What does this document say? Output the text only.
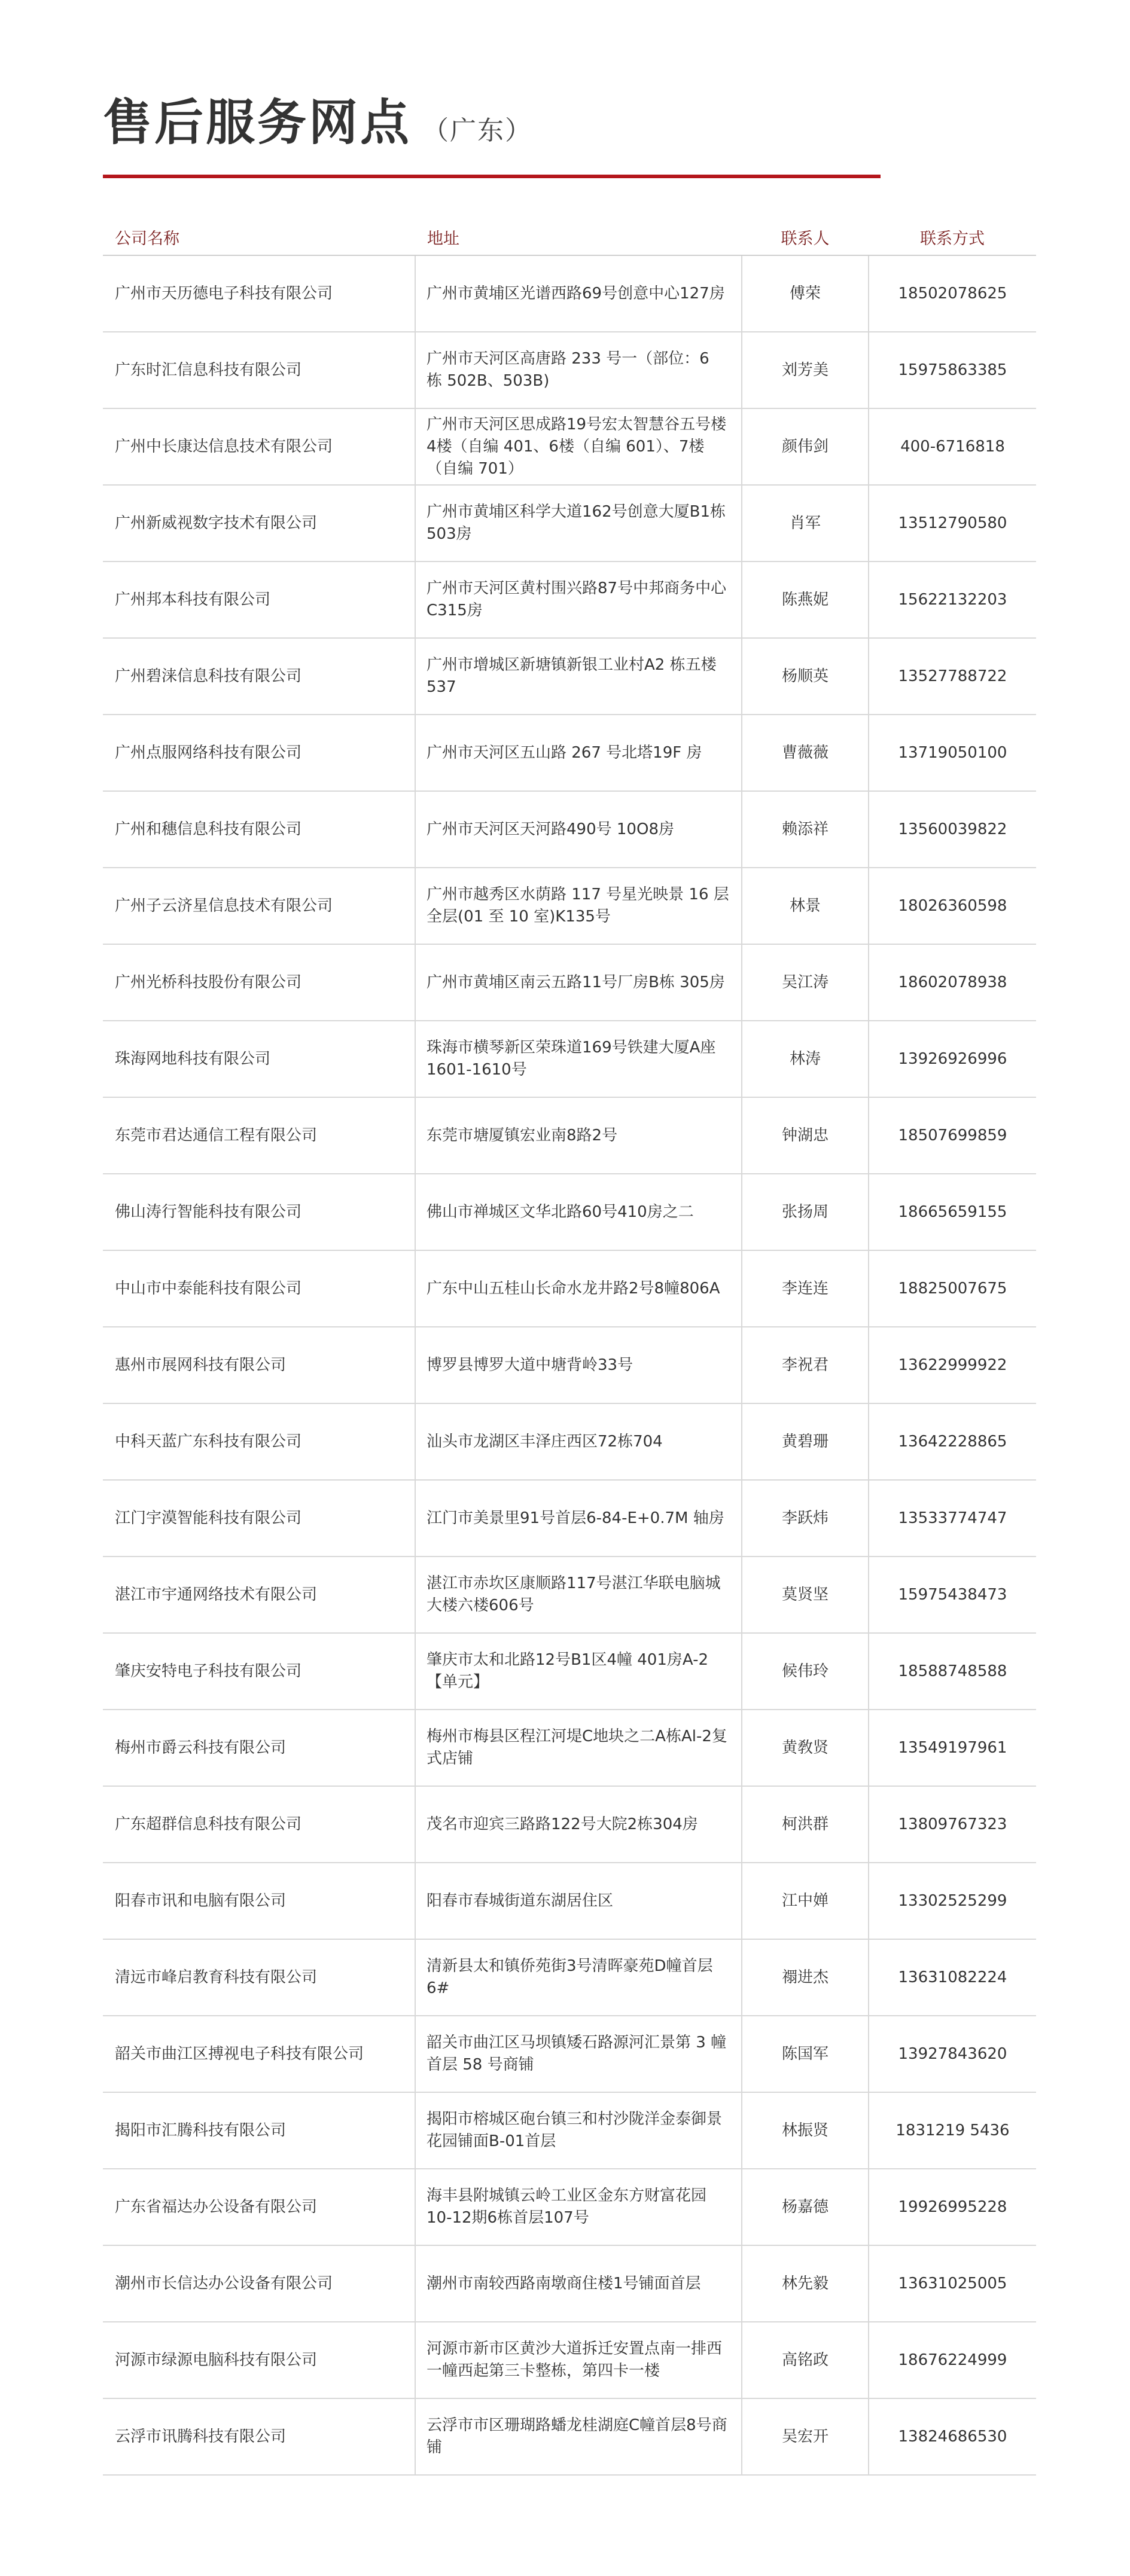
售后服务网点 （广东）
公司名称	地址	联系人	联系方式
广州市天历德电子科技有限公司	广州市黄埔区光谱西路69号创意中心127房	傅荣	18502078625
广东时汇信息科技有限公司	广州市天河区高唐路 233 号一（部位：6 栋 502B、503B)	刘芳美	15975863385
广州中长康达信息技术有限公司	广州市天河区思成路19号宏太智慧谷五号楼4楼（自编 401、6楼（自编 601）、7楼（自编 701）	颜伟剑	400-6716818
广州新威视数字技术有限公司	广州市黄埔区科学大道162号创意大厦B1栋503房	肖军	13512790580
广州邦本科技有限公司	广州市天河区黄村围兴路87号中邦商务中心C315房	陈燕妮	15622132203
广州碧涞信息科技有限公司	广州市增城区新塘镇新银工业村A2 栋五楼537	杨顺英	13527788722
广州点服网络科技有限公司	广州市天河区五山路 267 号北塔19F 房	曹薇薇	13719050100
广州和穗信息科技有限公司	广州市天河区天河路490号 10O8房	赖添祥	13560039822
广州子云济星信息技术有限公司	广州市越秀区水荫路 117 号星光映景 16 层全层(01 至 10 室)K135号	林景	18026360598
广州光桥科技股份有限公司	广州市黄埔区南云五路11号厂房B栋 305房	吴江涛	18602078938
珠海网地科技有限公司	珠海市横琴新区荣珠道169号铁建大厦A座1601-1610号	林涛	13926926996
东莞市君达通信工程有限公司	东莞市塘厦镇宏业南8路2号	钟湖忠	18507699859
佛山涛行智能科技有限公司	佛山市禅城区文华北路60号410房之二	张扬周	18665659155
中山市中泰能科技有限公司	广东中山五桂山长命水龙井路2号8幢806A	李连连	18825007675
惠州市展网科技有限公司	博罗县博罗大道中塘背岭33号	李祝君	13622999922
中科天蓝广东科技有限公司	汕头市龙湖区丰泽庄西区72栋704	黄碧珊	13642228865
江门宇漠智能科技有限公司	江门市美景里91号首层6-84-E+0.7M 轴房	李跃炜	13533774747
湛江市宇通网络技术有限公司	湛江市赤坎区康顺路117号湛江华联电脑城大楼六楼606号	莫贤坚	15975438473
肇庆安特电子科技有限公司	肇庆市太和北路12号B1区4幢 401房A-2【单元】	候伟玲	18588748588
梅州市爵云科技有限公司	梅州市梅县区程江河堤C地块之二A栋Al-2复式店铺	黄敎贤	13549197961
广东超群信息科技有限公司	茂名市迎宾三路路122号大院2栋304房	柯洪群	13809767323
阳春市讯和电脑有限公司	阳春市春城街道东湖居住区	江中婵	13302525299
清远市峰启教育科技有限公司	清新县太和镇侨苑街3号清晖豪苑D幢首层6#	禤进杰	13631082224
韶关市曲江区搏视电子科技有限公司	韶关市曲江区马坝镇矮石路源河汇景第 3 幢首层 58 号商铺	陈国军	13927843620
揭阳市汇腾科技有限公司	揭阳市榕城区砲台镇三和村沙陇洋金泰御景花园铺面B-01首层	林振贤	1831219 5436
广东省福达办公设备有限公司	海丰县附城镇云岭工业区金东方财富花园10-12期6栋首层107号	杨嘉德	19926995228
潮州市长信达办公设备有限公司	潮州市南较西路南墩商住楼1号铺面首层	林先毅	13631025005
河源市绿源电脑科技有限公司	河源市新市区黄沙大道拆迁安置点南一排西一幢西起第三卡整栋，第四卡一楼	高铭政	18676224999
云浮市讯腾科技有限公司	云浮市市区珊瑚路蟠龙桂湖庭C幢首层8号商铺	吴宏开	13824686530
